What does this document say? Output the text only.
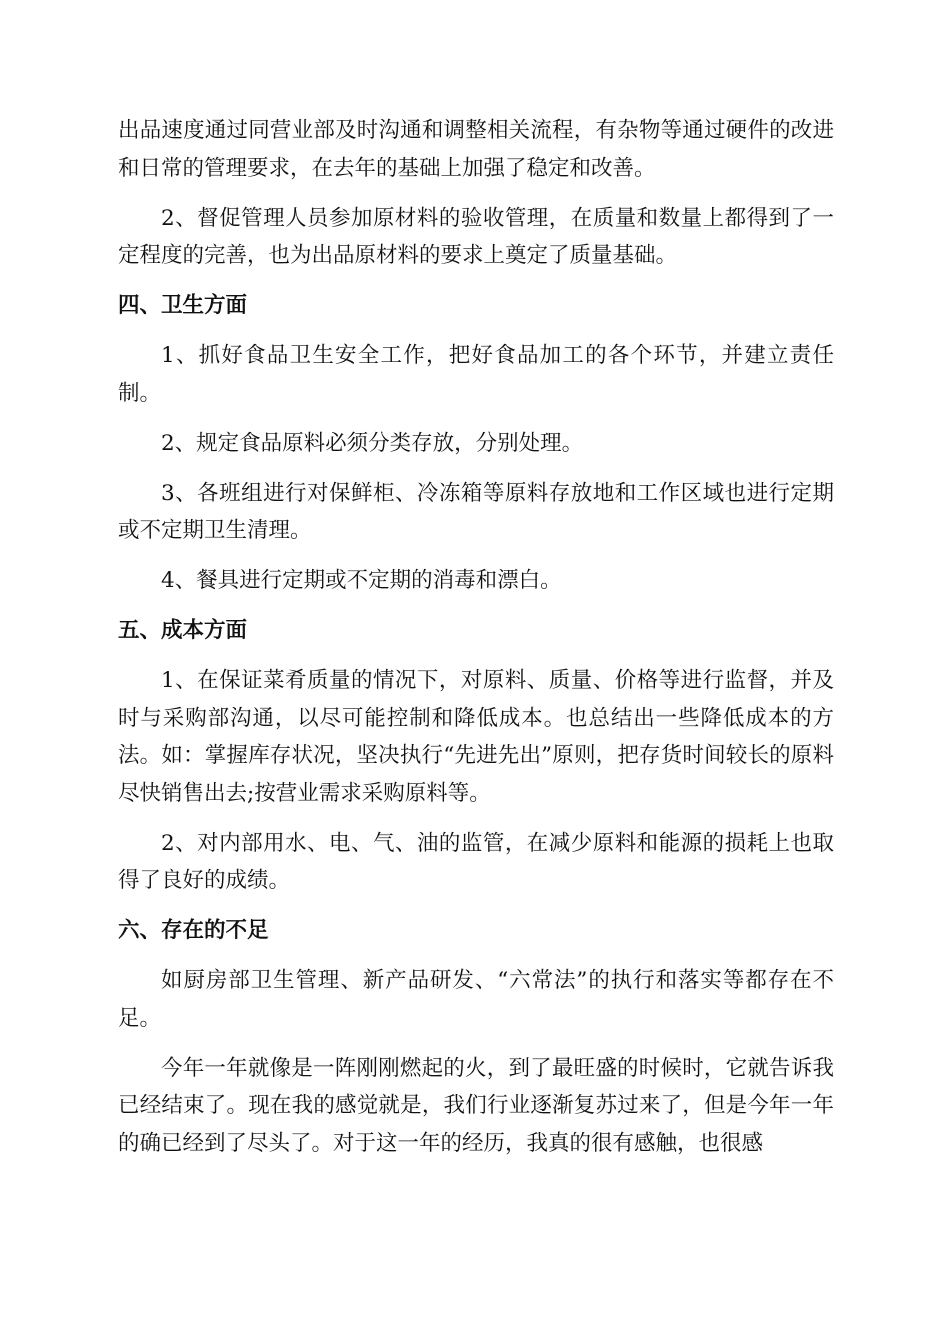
出品速度通过同营业部及时沟通和调整相关流程，有杂物等通过硬件的改进和日常的管理要求，在去年的基础上加强了稳定和改善。

2、督促管理人员参加原材料的验收管理，在质量和数量上都得到了一定程度的完善，也为出品原材料的要求上奠定了质量基础。

四、卫生方面

1、抓好食品卫生安全工作，把好食品加工的各个环节，并建立责任制。

2、规定食品原料必须分类存放，分别处理。

3、各班组进行对保鲜柜、冷冻箱等原料存放地和工作区域也进行定期或不定期卫生清理。

4、餐具进行定期或不定期的消毒和漂白。

五、成本方面

1、在保证菜肴质量的情况下，对原料、质量、价格等进行监督，并及时与采购部沟通，以尽可能控制和降低成本。也总结出一些降低成本的方法。如：掌握库存状况，坚决执行“先进先出”原则，把存货时间较长的原料尽快销售出去;按营业需求采购原料等。

2、对内部用水、电、气、油的监管，在减少原料和能源的损耗上也取得了良好的成绩。

六、存在的不足

如厨房部卫生管理、新产品研发、“六常法”的执行和落实等都存在不足。

今年一年就像是一阵刚刚燃起的火，到了最旺盛的时候时，它就告诉我已经结束了。现在我的感觉就是，我们行业逐渐复苏过来了，但是今年一年的确已经到了尽头了。对于这一年的经历，我真的很有感触，也很感
